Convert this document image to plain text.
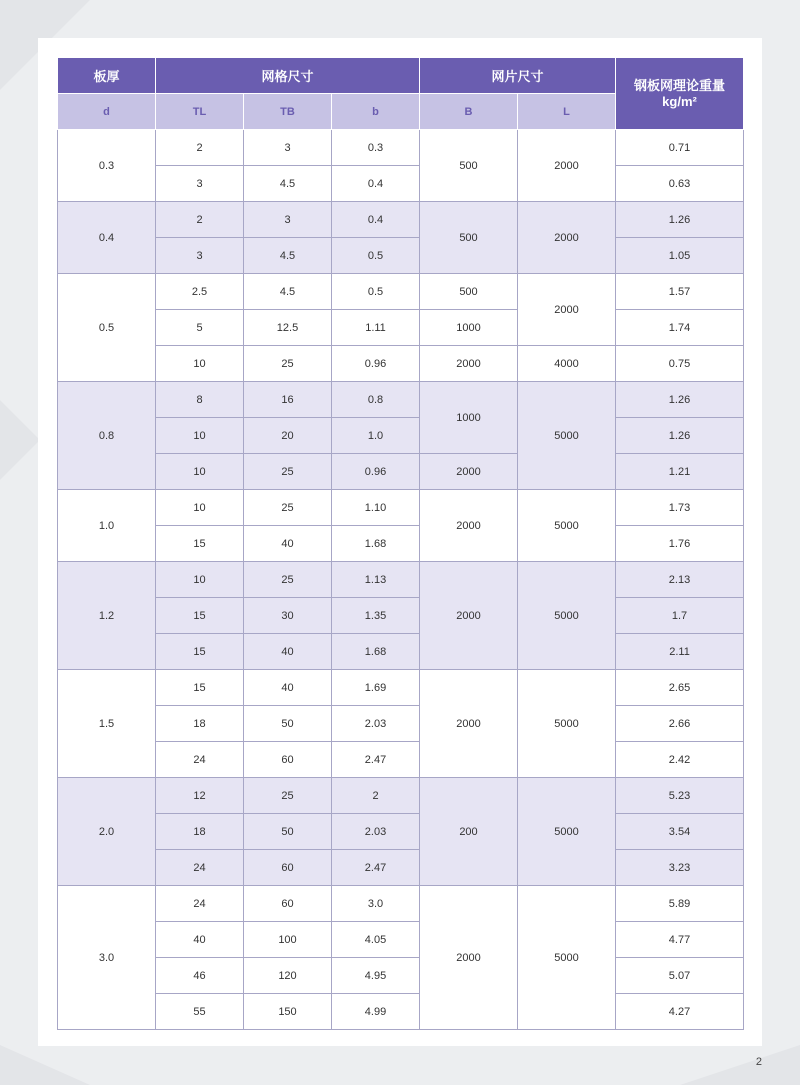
板厚	网格尺寸			网片尺寸		钢板网理论重量
kg/m²

d	TL	TB	b	B	L	
0.3	2	3	0.3	500	2000	0.71
	3	4.5	0.4			0.63
0.4	2	3	0.4	500	2000	1.26
	3	4.5	0.5			1.05
0.5	2.5	4.5	0.5	500	2000	1.57
	5	12.5	1.11	1000		1.74
	10	25	0.96	2000	4000	0.75
0.8	8	16	0.8	1000	5000	1.26
	10	20	1.0			1.26
	10	25	0.96	2000		1.21
1.0	10	25	1.10	2000	5000	1.73
	15	40	1.68			1.76
1.2	10	25	1.13	2000	5000	2.13
	15	30	1.35			1.7
	15	40	1.68			2.11
1.5	15	40	1.69	2000	5000	2.65
	18	50	2.03			2.66
	24	60	2.47			2.42
2.0	12	25	2	200	5000	5.23
	18	50	2.03			3.54
	24	60	2.47			3.23
3.0	24	60	3.0	2000	5000	5.89
	40	100	4.05			4.77
	46	120	4.95			5.07
	55	150	4.99			4.27
2
